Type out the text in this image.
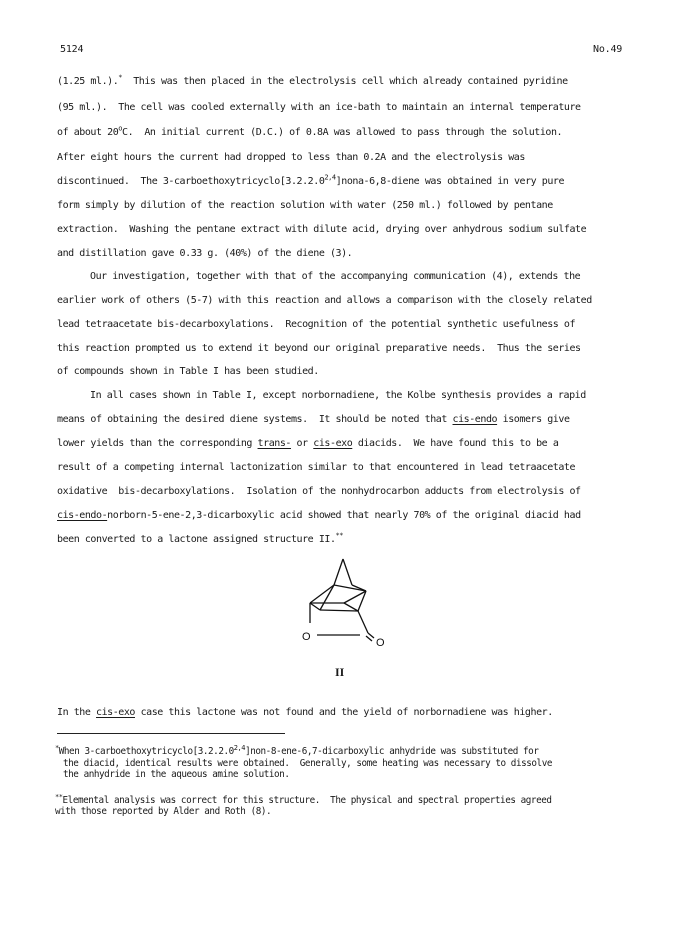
5124	No.49
(1.25 ml.).*  This was then placed in the electrolysis cell which already contained pyridine
(95 ml.).  The cell was cooled externally with an ice-bath to maintain an internal temperature
of about 20$^o$C.  An initial current (D.C.) of 0.8A was allowed to pass through the solution.
After eight hours the current had dropped to less than 0.2A and the electrolysis was
discontinued.  The 3-carboethoxytricyclo[3.2.2.0$^{2,4}$]nona-6,8-diene was obtained in very pure
form simply by dilution of the reaction solution with water (250 ml.) followed by pentane
extraction.  Washing the pentane extract with dilute acid, drying over anhydrous sodium sulfate
and distillation gave 0.33 g. (40%) of the diene (3).
Our investigation, together with that of the accompanying communication (4), extends the
earlier work of others (5-7) with this reaction and allows a comparison with the closely related
lead tetraacetate bis-decarboxylations.  Recognition of the potential synthetic usefulness of
this reaction prompted us to extend it beyond our original preparative needs.  Thus the series
of compounds shown in Table I has been studied.
In all cases shown in Table I, except norbornadiene, the Kolbe synthesis provides a rapid
means of obtaining the desired diene systems.  It should be noted that cis-endo isomers give
lower yields than the corresponding trans- or cis-exo diacids.  We have found this to be a
result of a competing internal lactonization similar to that encountered in lead tetraacetate
oxidative  bis-decarboxylations.  Isolation of the nonhydrocarbon adducts from electrolysis of
cis-endo-norborn-5-ene-2,3-dicarboxylic acid showed that nearly 70% of the original diacid had
been converted to a lactone assigned structure II.**
O	O
II
In the cis-exo case this lactone was not found and the yield of norbornadiene was higher.
*When 3-carboethoxytricyclo[3.2.2.0$^{2,4}$]non-8-ene-6,7-dicarboxylic anhydride was substituted for
the diacid, identical results were obtained.  Generally, some heating was necessary to dissolve
the anhydride in the aqueous amine solution.
**Elemental analysis was correct for this structure.  The physical and spectral properties agreed
with those reported by Alder and Roth (8).
